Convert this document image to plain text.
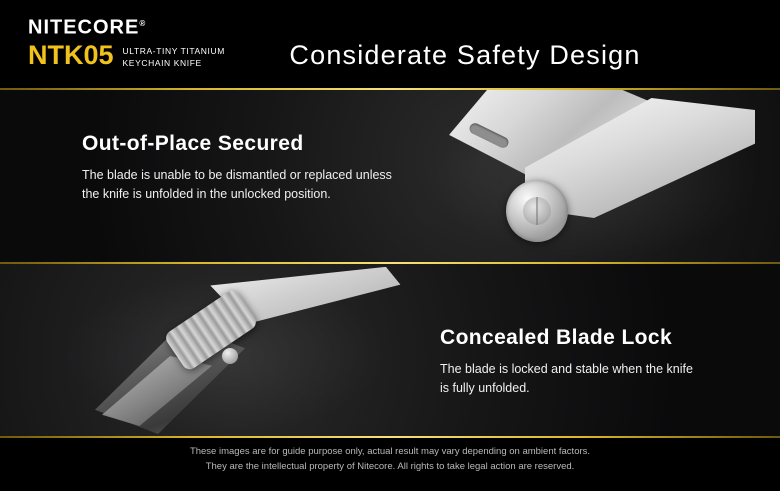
NITECORE®
NTK05 ULTRA-TINY TITANIUM
KEYCHAIN KNIFE	Considerate Safety Design
Out-of-Place Secured
The blade is unable to be dismantled or replaced unless
the knife is unfolded in the unlocked position.
Concealed Blade Lock
The blade is locked and stable when the knife
is fully unfolded.
These images are for guide purpose only, actual result may vary depending on ambient factors.
They are the intellectual property of Nitecore. All rights to take legal action are reserved.
